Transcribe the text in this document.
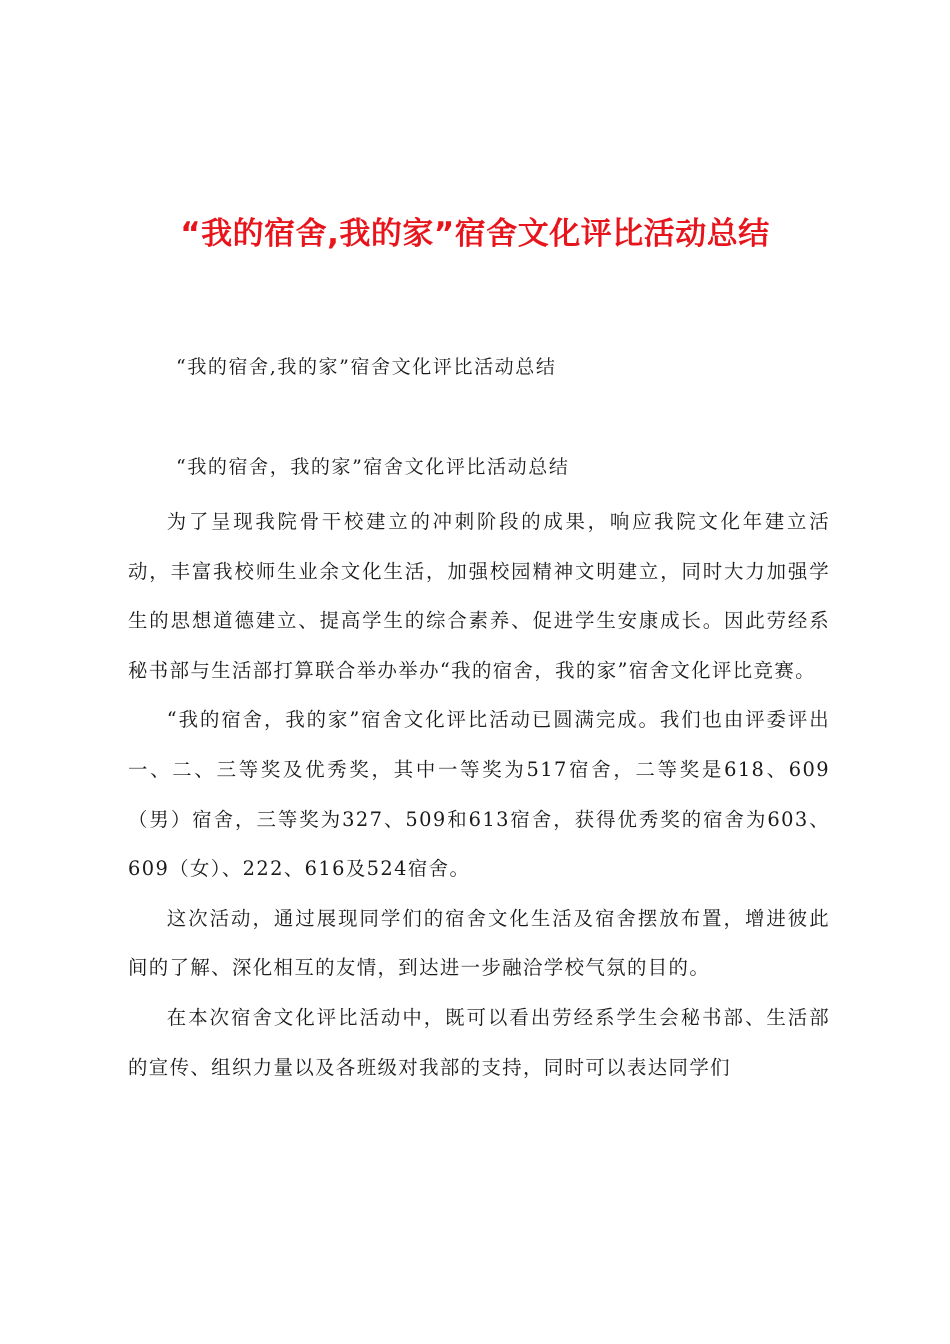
“我的宿舍,我的家”宿舍文化评比活动总结
“我的宿舍,我的家”宿舍文化评比活动总结
“我的宿舍，我的家”宿舍文化评比活动总结

为了呈现我院骨干校建立的冲刺阶段的成果，响应我院文化年建立活动，丰富我校师生业余文化生活，加强校园精神文明建立，同时大力加强学生的思想道德建立、提高学生的综合素养、促进学生安康成长。因此劳经系秘书部与生活部打算联合举办举办“我的宿舍，我的家”宿舍文化评比竞赛。

“我的宿舍，我的家”宿舍文化评比活动已圆满完成。我们也由评委评出一、二、三等奖及优秀奖，其中一等奖为517宿舍，二等奖是618、609（男）宿舍，三等奖为327、509和613宿舍，获得优秀奖的宿舍为603、609（女）、222、616及524宿舍。

这次活动，通过展现同学们的宿舍文化生活及宿舍摆放布置，增进彼此间的了解、深化相互的友情，到达进一步融洽学校气氛的目的。

在本次宿舍文化评比活动中，既可以看出劳经系学生会秘书部、生活部的宣传、组织力量以及各班级对我部的支持，同时可以表达同学们
